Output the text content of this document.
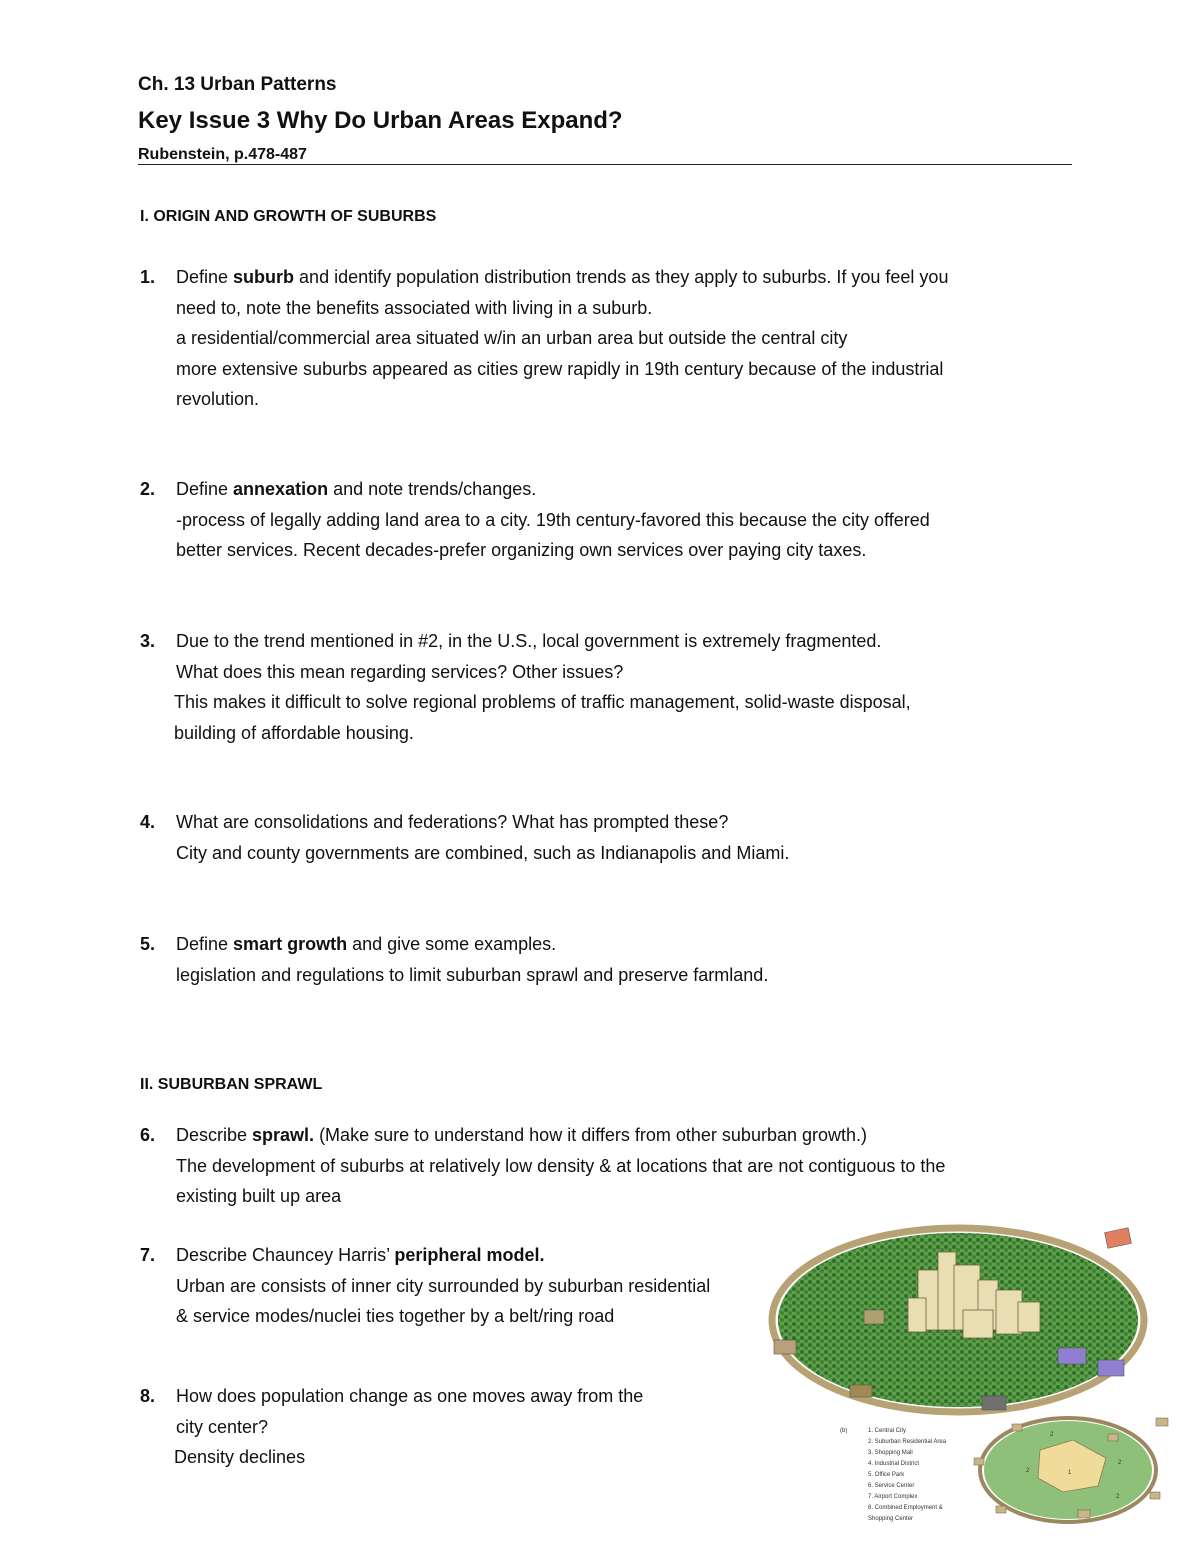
Ch. 13 Urban Patterns
Key Issue 3 Why Do Urban Areas Expand?
Rubenstein, p.478-487
I. ORIGIN AND GROWTH OF SUBURBS
1. Define suburb and identify population distribution trends as they apply to suburbs. If you feel you
need to, note the benefits associated with living in a suburb.
a residential/commercial area situated w/in an urban area but outside the central city
more extensive suburbs appeared as cities grew rapidly in 19th century because of the industrial
revolution.
2. Define annexation and note trends/changes.
-process of legally adding land area to a city. 19th century-favored this because the city offered
better services. Recent decades-prefer organizing own services over paying city taxes.
3. Due to the trend mentioned in #2, in the U.S., local government is extremely fragmented.
What does this mean regarding services? Other issues?
This makes it difficult to solve regional problems of traffic management, solid-waste disposal,
building of affordable housing.
4. What are consolidations and federations? What has prompted these?
City and county governments are combined, such as Indianapolis and Miami.
5. Define smart growth and give some examples.
legislation and regulations to limit suburban sprawl and preserve farmland.
II. SUBURBAN SPRAWL
6. Describe sprawl. (Make sure to understand how it differs from other suburban growth.)
The development of suburbs at relatively low density & at locations that are not contiguous to the
existing built up area
7. Describe Chauncey Harris’ peripheral model.
Urban are consists of inner city surrounded by suburban residential
& service modes/nuclei ties together by a belt/ring road
8. How does population change as one moves away from the
city center?
Density declines
(b)	1. Central City
2. Suburban Residential Area
3. Shopping Mall
4. Industrial District
5. Office Park
6. Service Center
7. Airport Complex
8. Combined Employment &
Shopping Center
2
2	1
2
2
